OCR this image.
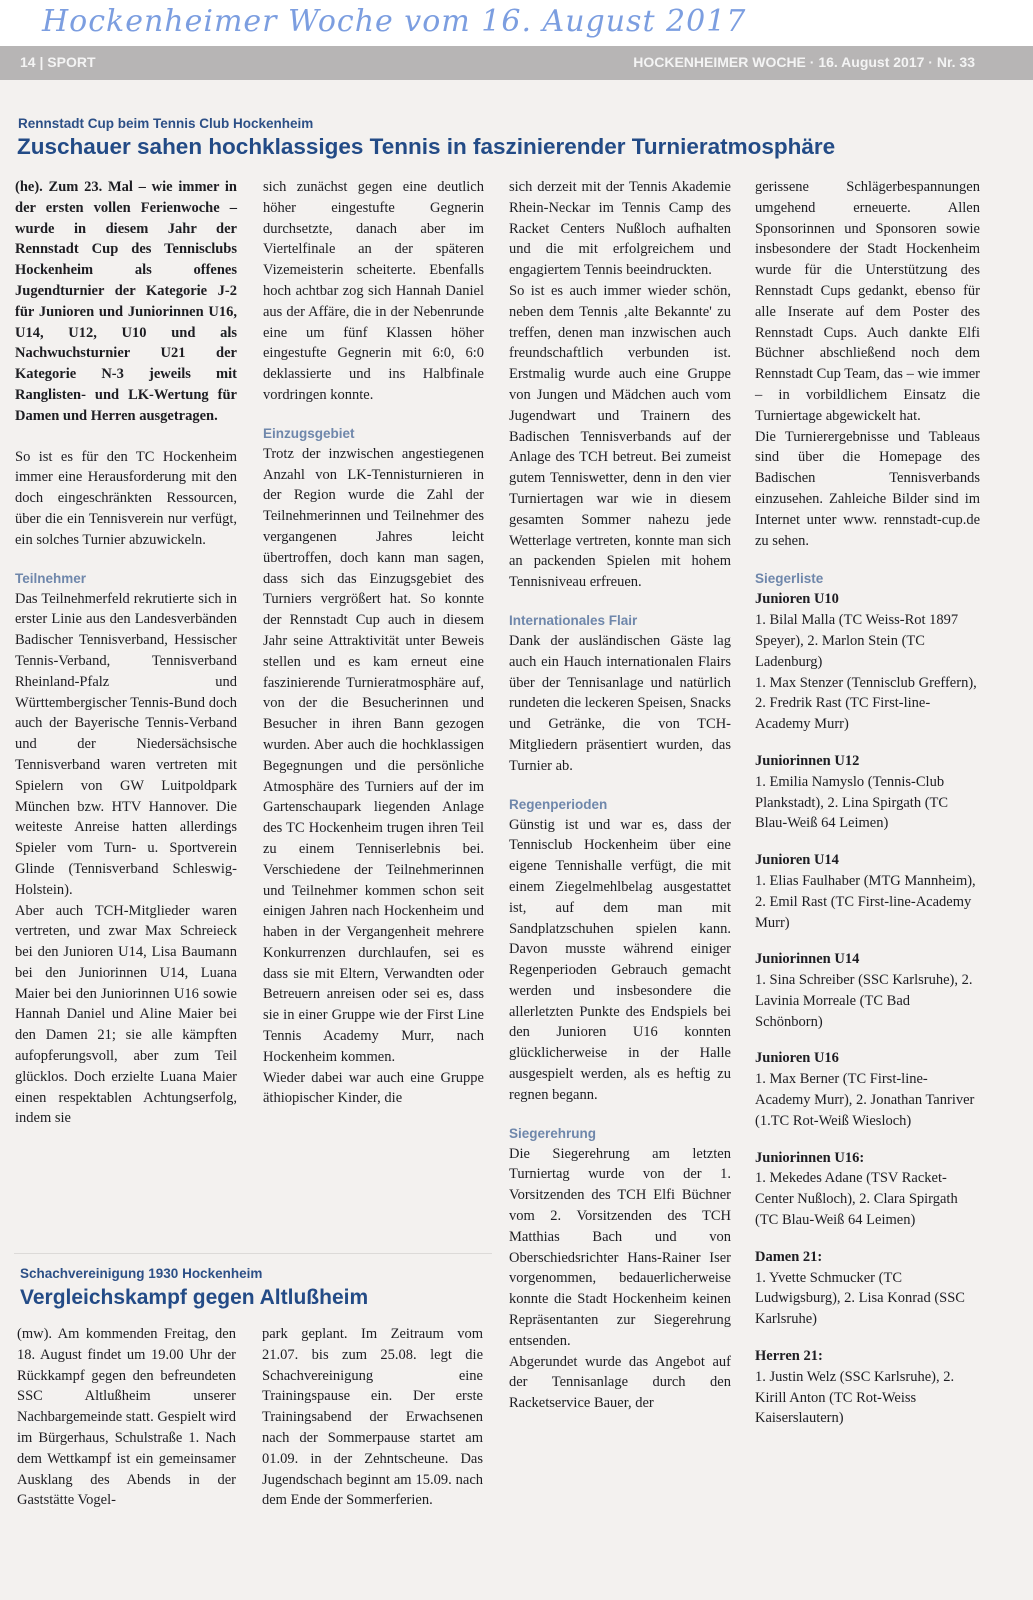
Hockenheimer Woche vom 16. August 2017
14 | SPORT	HOCKENHEIMER WOCHE · 16. August 2017 · Nr. 33
Rennstadt Cup beim Tennis Club Hockenheim
Zuschauer sahen hochklassiges Tennis in faszinierender Turnieratmosphäre

(he). Zum 23. Mal – wie immer in der ersten vollen Ferienwoche – wurde in diesem Jahr der Rennstadt Cup des Tennisclubs Hockenheim als offenes Jugendturnier der Kategorie J-2 für Junioren und Juniorinnen U16, U14, U12, U10 und als Nachwuchsturnier U21 der Kategorie N-3 jeweils mit Ranglisten- und LK-Wertung für Damen und Herren ausgetragen.

So ist es für den TC Hockenheim immer eine Herausforderung mit den doch eingeschränkten Ressourcen, über die ein Tennisverein nur verfügt, ein solches Turnier abzuwickeln.

Teilnehmer

Das Teilnehmerfeld rekrutierte sich in erster Linie aus den Landesverbänden Badischer Tennisverband, Hessischer Tennis-Verband, Tennisverband Rheinland-Pfalz und Württembergischer Tennis-Bund doch auch der Bayerische Tennis-Verband und der Niedersächsische Tennisverband waren vertreten mit Spielern von GW Luitpoldpark München bzw. HTV Hannover. Die weiteste Anreise hatten allerdings Spieler vom Turn- u. Sportverein Glinde (Tennisverband Schleswig-Holstein).

Aber auch TCH-Mitglieder waren vertreten, und zwar Max Schreieck bei den Junioren U14, Lisa Baumann bei den Juniorinnen U14, Luana Maier bei den Juniorinnen U16 sowie Hannah Daniel und Aline Maier bei den Damen 21; sie alle kämpften aufopferungsvoll, aber zum Teil glücklos. Doch erzielte Luana Maier einen respektablen Achtungserfolg, indem sie

sich zunächst gegen eine deutlich höher eingestufte Gegnerin durchsetzte, danach aber im Viertelfinale an der späteren Vizemeisterin scheiterte. Ebenfalls hoch achtbar zog sich Hannah Daniel aus der Affäre, die in der Nebenrunde eine um fünf Klassen höher eingestufte Gegnerin mit 6:0, 6:0 deklassierte und ins Halbfinale vordringen konnte.

Einzugsgebiet

Trotz der inzwischen angestiegenen Anzahl von LK-Tennisturnieren in der Region wurde die Zahl der Teilnehmerinnen und Teilnehmer des vergangenen Jahres leicht übertroffen, doch kann man sagen, dass sich das Einzugsgebiet des Turniers vergrößert hat. So konnte der Rennstadt Cup auch in diesem Jahr seine Attraktivität unter Beweis stellen und es kam erneut eine faszinierende Turnieratmosphäre auf, von der die Besucherinnen und Besucher in ihren Bann gezogen wurden. Aber auch die hochklassigen Begegnungen und die persönliche Atmosphäre des Turniers auf der im Gartenschaupark liegenden Anlage des TC Hockenheim trugen ihren Teil zu einem Tenniserlebnis bei. Verschiedene der Teilnehmerinnen und Teilnehmer kommen schon seit einigen Jahren nach Hockenheim und haben in der Vergangenheit mehrere Konkurrenzen durchlaufen, sei es dass sie mit Eltern, Verwandten oder Betreuern anreisen oder sei es, dass sie in einer Gruppe wie der First Line Tennis Academy Murr, nach Hockenheim kommen.

Wieder dabei war auch eine Gruppe äthiopischer Kinder, die

sich derzeit mit der Tennis Akademie Rhein-Neckar im Tennis Camp des Racket Centers Nußloch aufhalten und die mit erfolgreichem und engagiertem Tennis beeindruckten.

So ist es auch immer wieder schön, neben dem Tennis ‚alte Bekannte' zu treffen, denen man inzwischen auch freundschaftlich verbunden ist. Erstmalig wurde auch eine Gruppe von Jungen und Mädchen auch vom Jugendwart und Trainern des Badischen Tennisverbands auf der Anlage des TCH betreut. Bei zumeist gutem Tenniswetter, denn in den vier Turniertagen war wie in diesem gesamten Sommer nahezu jede Wetterlage vertreten, konnte man sich an packenden Spielen mit hohem Tennisniveau erfreuen.

Internationales Flair

Dank der ausländischen Gäste lag auch ein Hauch internationalen Flairs über der Tennisanlage und natürlich rundeten die leckeren Speisen, Snacks und Getränke, die von TCH-Mitgliedern präsentiert wurden, das Turnier ab.

Regenperioden

Günstig ist und war es, dass der Tennisclub Hockenheim über eine eigene Tennishalle verfügt, die mit einem Ziegelmehlbelag ausgestattet ist, auf dem man mit Sandplatzschuhen spielen kann. Davon musste während einiger Regenperioden Gebrauch gemacht werden und insbesondere die allerletzten Punkte des Endspiels bei den Junioren U16 konnten glücklicherweise in der Halle ausgespielt werden, als es heftig zu regnen begann.

Siegerehrung

Die Siegerehrung am letzten Turniertag wurde von der 1. Vorsitzenden des TCH Elfi Büchner vom 2. Vorsitzenden des TCH Matthias Bach und von Oberschiedsrichter Hans-Rainer Iser vorgenommen, bedauerlicherweise konnte die Stadt Hockenheim keinen Repräsentanten zur Siegerehrung entsenden.

Abgerundet wurde das Angebot auf der Tennisanlage durch den Racketservice Bauer, der

gerissene Schlägerbespannungen umgehend erneuerte. Allen Sponsorinnen und Sponsoren sowie insbesondere der Stadt Hockenheim wurde für die Unterstützung des Rennstadt Cups gedankt, ebenso für alle Inserate auf dem Poster des Rennstadt Cups. Auch dankte Elfi Büchner abschließend noch dem Rennstadt Cup Team, das – wie immer – in vorbildlichem Einsatz die Turniertage abgewickelt hat.

Die Turnierergebnisse und Tableaus sind über die Homepage des Badischen Tennisverbands einzusehen. Zahleiche Bilder sind im Internet unter www. rennstadt-cup.de zu sehen.

Siegerliste
Junioren U10

1. Bilal Malla (TC Weiss-Rot 1897 Speyer), 2. Marlon Stein (TC Ladenburg)

1. Max Stenzer (Tennisclub Greffern), 2. Fredrik Rast (TC First-line-Academy Murr)

Juniorinnen U12

1. Emilia Namyslo (Tennis-Club Plankstadt), 2. Lina Spirgath (TC Blau-Weiß 64 Leimen)

Junioren U14

1. Elias Faulhaber (MTG Mannheim), 2. Emil Rast (TC First-line-Academy Murr)

Juniorinnen U14

1. Sina Schreiber (SSC Karlsruhe), 2. Lavinia Morreale (TC Bad Schönborn)

Junioren U16

1. Max Berner (TC First-line-Academy Murr), 2. Jonathan Tanriver (1.TC Rot-Weiß Wiesloch)

Juniorinnen U16:

1. Mekedes Adane (TSV Racket-Center Nußloch), 2. Clara Spirgath (TC Blau-Weiß 64 Leimen)

Damen 21:

1. Yvette Schmucker (TC Ludwigsburg), 2. Lisa Konrad (SSC Karlsruhe)

Herren 21:

1. Justin Welz (SSC Karlsruhe), 2. Kirill Anton (TC Rot-Weiss Kaiserslautern)

Schachvereinigung 1930 Hockenheim
Vergleichskampf gegen Altlußheim

(mw). Am kommenden Freitag, den 18. August findet um 19.00 Uhr der Rückkampf gegen den befreundeten SSC Altlußheim unserer Nachbargemeinde statt. Gespielt wird im Bürgerhaus, Schulstraße 1. Nach dem Wettkampf ist ein gemeinsamer Ausklang des Abends in der Gaststätte Vogel-

park geplant. Im Zeitraum vom 21.07. bis zum 25.08. legt die Schachvereinigung eine Trainingspause ein. Der erste Trainingsabend der Erwachsenen nach der Sommerpause startet am 01.09. in der Zehntscheune. Das Jugendschach beginnt am 15.09. nach dem Ende der Sommerferien.
